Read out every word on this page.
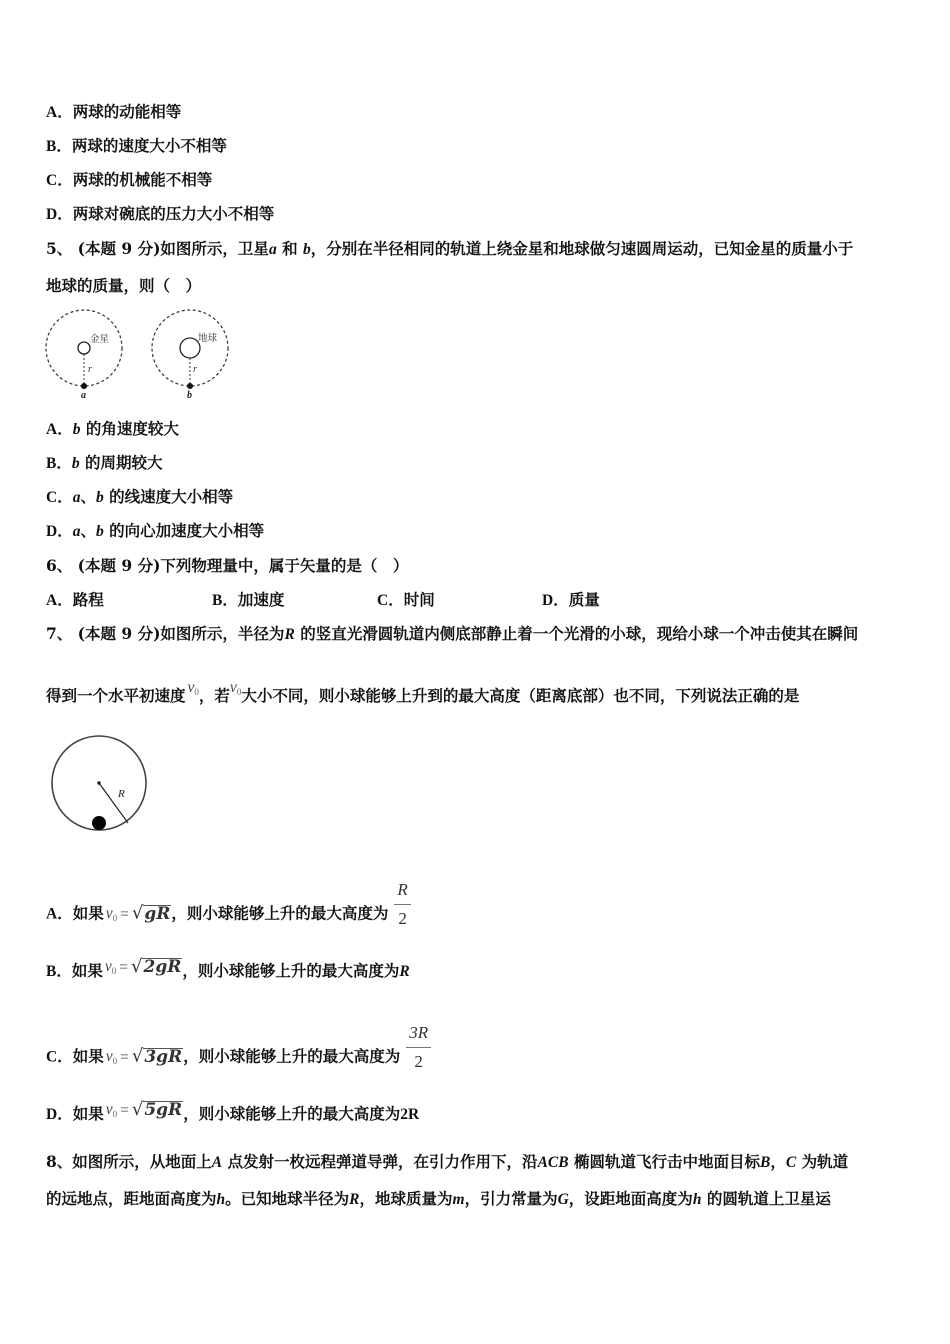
A．两球的动能相等
B．两球的速度大小不相等
C．两球的机械能不相等
D．两球对碗底的压力大小不相等
5、 (本题 9 分)如图所示，卫星a 和 b，分别在半径相同的轨道上绕金星和地球做匀速圆周运动，已知金星的质量小于
地球的质量，则（　）
金星
r
a
地球
r
b
A．b 的角速度较大
B．b 的周期较大
C．a、b 的线速度大小相等
D．a、b 的向心加速度大小相等
6、 (本题 9 分)下列物理量中，属于矢量的是（　）
A．路程	B．加速度	C．时间	D．质量
7、 (本题 9 分)如图所示，半径为R 的竖直光滑圆轨道内侧底部静止着一个光滑的小球，现给小球一个冲击使其在瞬间
得到一个水平初速度 v0，若v0大小不同，则小球能够上升到的最大高度（距离底部）也不同，下列说法正确的是
R
A．如果 v0 = √gR，则小球能够上升的最大高度为 $\frac{R}{2}$
B．如果 v0 = √2gR，则小球能够上升的最大高度为R
C．如果 v0 = √3gR，则小球能够上升的最大高度为 $\frac{3R}{2}$
D．如果 v0 = √5gR，则小球能够上升的最大高度为2R
8、如图所示，从地面上A 点发射一枚远程弹道导弹，在引力作用下，沿ACB 椭圆轨道飞行击中地面目标B，C 为轨道
的远地点，距地面高度为h。已知地球半径为R，地球质量为m，引力常量为G，设距地面高度为h 的圆轨道上卫星运
